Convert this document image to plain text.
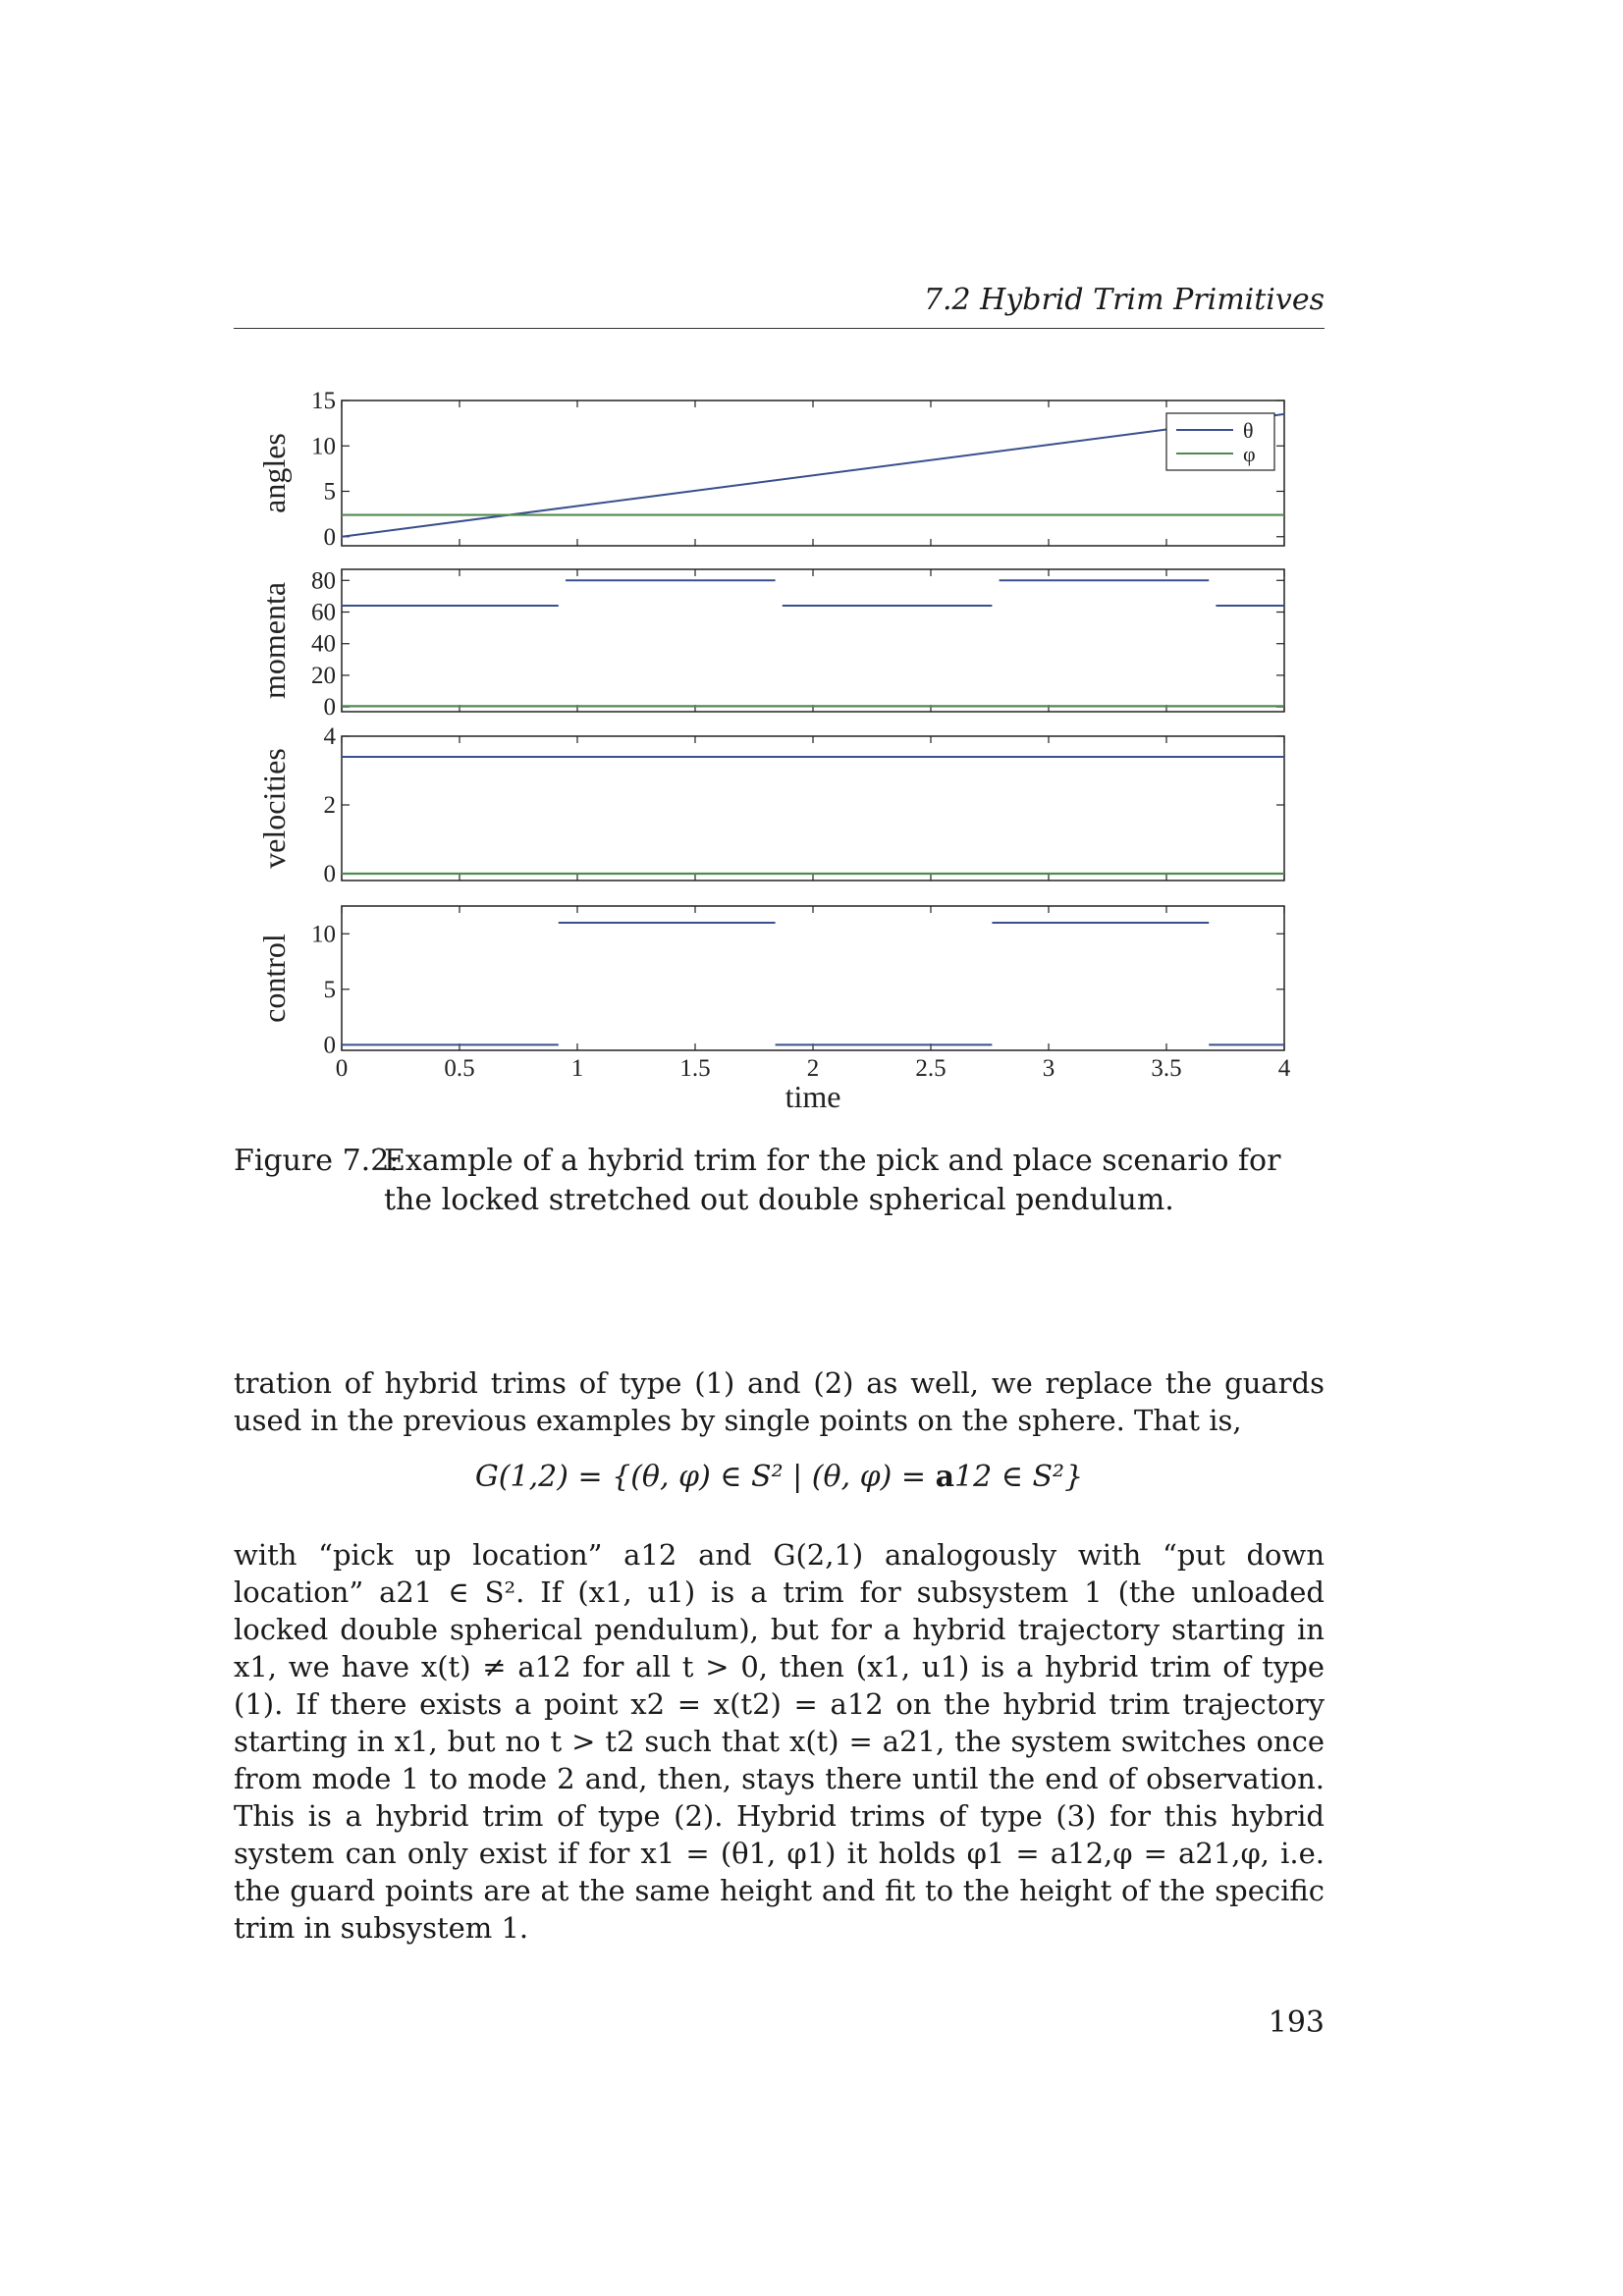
7.2 Hybrid Trim Primitives
0
5
10
15
angles
θ
φ
0
20
40
60
80
momenta
0
2
4
velocities
0
5
10
control
0	0.5	1	1.5	2	2.5	3	3.5	4
time
Figure 7.2:
Example of a hybrid trim for the pick and place scenario for the locked stretched out double spherical pendulum.
tration of hybrid trims of type (1) and (2) as well, we replace the guards used in the previous examples by single points on the sphere. That is,
G(1,2) = {(θ, φ) ∈ S² | (θ, φ) = a12 ∈ S²}
with “pick up location” a12 and G(2,1) analogously with “put down location” a21 ∈ S². If (x1, u1) is a trim for subsystem 1 (the unloaded locked double spherical pendulum), but for a hybrid trajectory starting in x1, we have x(t) ≠ a12 for all t > 0, then (x1, u1) is a hybrid trim of type (1). If there exists a point x2 = x(t2) = a12 on the hybrid trim trajectory starting in x1, but no t > t2 such that x(t) = a21, the system switches once from mode 1 to mode 2 and, then, stays there until the end of observation. This is a hybrid trim of type (2). Hybrid trims of type (3) for this hybrid system can only exist if for x1 = (θ1, φ1) it holds φ1 = a12,φ = a21,φ, i.e. the guard points are at the same height and fit to the height of the specific trim in subsystem 1.
193
